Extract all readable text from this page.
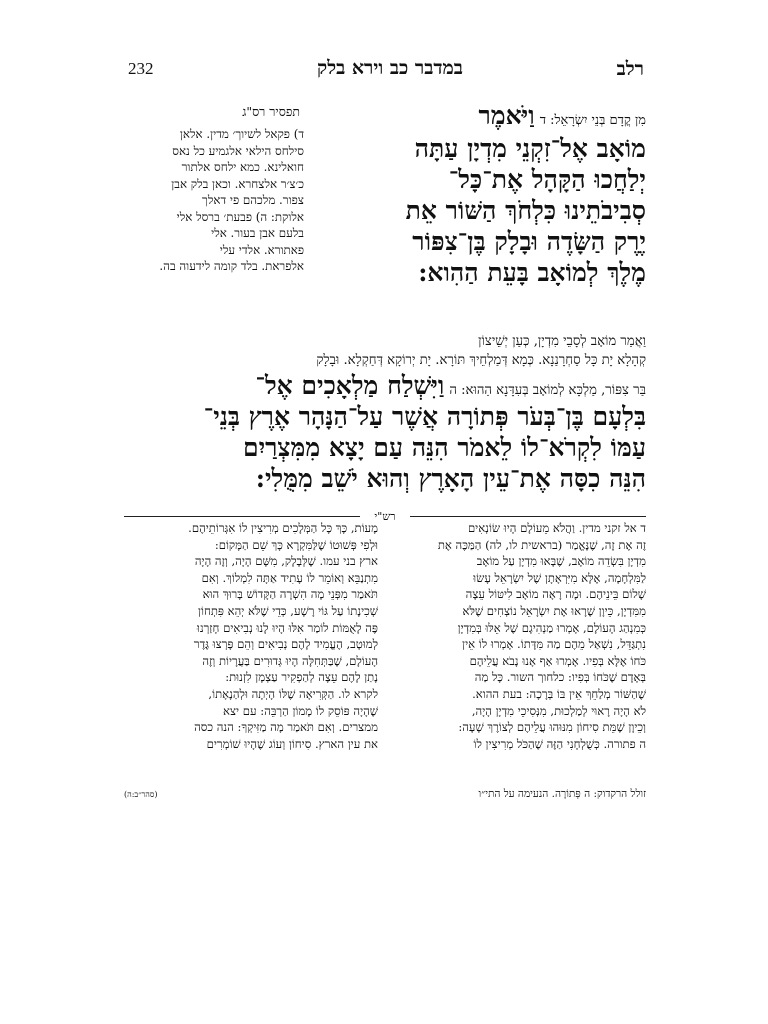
רלב
במדבר כב וירא בלק
232
תפסיר רס"ג
ד) פקאל לשיוך׳ מדין. אלאן
סילחס הילאי אלגמיע כל נאס
חואלינא. כמא ילחס אלתור
כ׳צ׳ר אלצחרא. וכאן בלק אבן
צפור. מלכהם פי דאלך
אלוקת: ה) פבעת׳ ברסל אלי
בלעם אבן בעור. אלי
פאתורא. אלדי עלי
אלפראת. בלד קומה לידעוה בה.
מִן קֳדָם בְּנֵי יִשְׂרָאֵל: ד וַיֹּאמֶר
מוֹאָב אֶל־זִקְנֵי מִדְיָן עַתָּה
יְלַחֲכוּ הַקָּהָל אֶת־כָּל־
סְבִיבֹתֵינוּ כִּלְחֹךְ הַשּׁוֹר אֵת
יֶרֶק הַשָּׂדֶה וּבָלָק בֶּן־צִפּוֹר
מֶלֶךְ לְמוֹאָב בָּעֵת הַהִוא:
וַאֲמַר מוֹאָב לְסָבֵי מִדְיָן, כְּעַן יְשֵׁיצוֹן
קְהָלָא יָת כָּל סַחְרָנַנָא. כְּמָא דְּמַלְחֵיךְ תּוֹרָא. יָת יְרוֹקָא דְּחַקְלָא. וּבָלָק
בַּר צִפּוֹר, מַלְכָּא לְמוֹאָב בְּעִדָּנָא הַהוּא: ה וַיִּשְׁלַח מַלְאָכִים אֶל־
בִּלְעָם בֶּן־בְּעֹר פְּתוֹרָה אֲשֶׁר עַל־הַנָּהָר אֶרֶץ בְּנֵי־
עַמּוֹ לִקְרֹא־לוֹ לֵאמֹר הִנֵּה עַם יָצָא מִמִּצְרַיִם
הִנֵּה כִסָּה אֶת־עֵין הָאָרֶץ וְהוּא יֹשֵׁב מִמֻּלִי:
רש"י
ד אל זקני מדין. וַהֲלֹא מֵעוֹלָם הָיוּ שׂוֹנְאִים
זֶה אֶת זֶה, שֶׁנֶּאֱמַר (בראשית לו, לה) הַמַּכֶּה אֶת
מִדְיָן בִּשְׂדֵה מוֹאָב, שֶׁבָּאוּ מִדְיָן עַל מוֹאָב
לַמִּלְחָמָה, אֶלָּא מִיִּרְאָתָן שֶׁל יִשְׂרָאֵל עָשׂוּ
שָׁלוֹם בֵּינֵיהֶם. וּמָה רָאָה מוֹאָב לִיטּוֹל עֵצָה
מִמִּדְיָן, כֵּיוָן שֶׁרָאוּ אֶת יִשְׂרָאֵל נוֹצְחִים שֶׁלֹּא
כְּמִנְהַג הָעוֹלָם, אָמְרוּ מַנְהִיגָם שֶׁל אֵלּוּ בְּמִדְיָן
נִתְגַּדֵּל, נִשְׁאַל מֵהֶם מַה מִּדָּתוֹ. אָמְרוּ לוֹ אֵין
כֹּחוֹ אֶלָּא בְּפִיו. אָמְרוּ אַף אָנוּ נָבֹא עֲלֵיהֶם
בְּאָדָם שֶׁכֹּחוֹ בְּפִיו: כלחוך השור. כָּל מַה
שֶׁהַשּׁוֹר מְלַחֵךְ אֵין בּוֹ בְּרָכָה: בעת ההוא.
לֹא הָיָה רָאוּי לְמַלְכוּת, מִנְּסִיכֵי מִדְיָן הָיָה,
וְכֵיוָן שֶׁמֵּת סִיחוֹן מִנּוּהוּ עֲלֵיהֶם לְצוֹרֶךְ שָׁעָה:
ה פתורה. כְּשֻׁלְחָנִי הַזֶּה שֶׁהַכֹּל מְרִיצִין לוֹ
מָעוֹת, כָּךְ כָּל הַמְּלָכִים מְרִיצִין לוֹ אִגְּרוֹתֵיהֶם.
וּלְפִי פְּשׁוּטוֹ שֶׁלַּמִּקְרָא כָּךְ שֵׁם הַמָּקוֹם:
ארץ בני עמו. שֶׁלְּבָלָק, מִשָּׁם הָיָה, וְזֶה הָיָה
מִתְנַבֵּא וְאוֹמֵר לוֹ עָתִיד אַתָּה לִמְלוֹךְ. וְאִם
תֹּאמַר מִפְּנֵי מָה הִשְׁרָה הַקָּדוֹשׁ בָּרוּךְ הוּא
שְׁכִינָתוֹ עַל גּוֹי רָשָׁע, כְּדֵי שֶׁלֹּא יְהֵא פִּתְחוֹן
פֶּה לָאֻמּוֹת לוֹמַר אִלּוּ הָיוּ לָנוּ נְבִיאִים חָזַרְנוּ
לְמוּטָב, הֶעֱמִיד לָהֶם נְבִיאִים וְהֵם פָּרְצוּ גֶּדֶר
הָעוֹלָם, שֶׁבַּתְּחִלָּה הָיוּ גְּדוּרִים בַּעֲרָיוֹת וְזֶה
נָתַן לָהֶם עֵצָה לְהַפְקִיר עַצְמָן לִזְנוּת:
לקרא לו. הַקְּרִיאָה שֶׁלּוֹ הָיְתָה וּלְהַנָאָתוֹ,
שֶׁהָיָה פּוֹסֵק לוֹ מָמוֹן הַרְבֵּה: עם יצא
ממצרים. וְאִם תֹּאמַר מָה מַזִּיקְךָ: הנה כסה
את עין הארץ. סִיחוֹן וְעוֹג שֶׁהָיוּ שׁוֹמְרִים
זולל הרקדוק: ה פְּתוֹרָה. הנעימה על התי״ו
(סהר״ב:ה)
